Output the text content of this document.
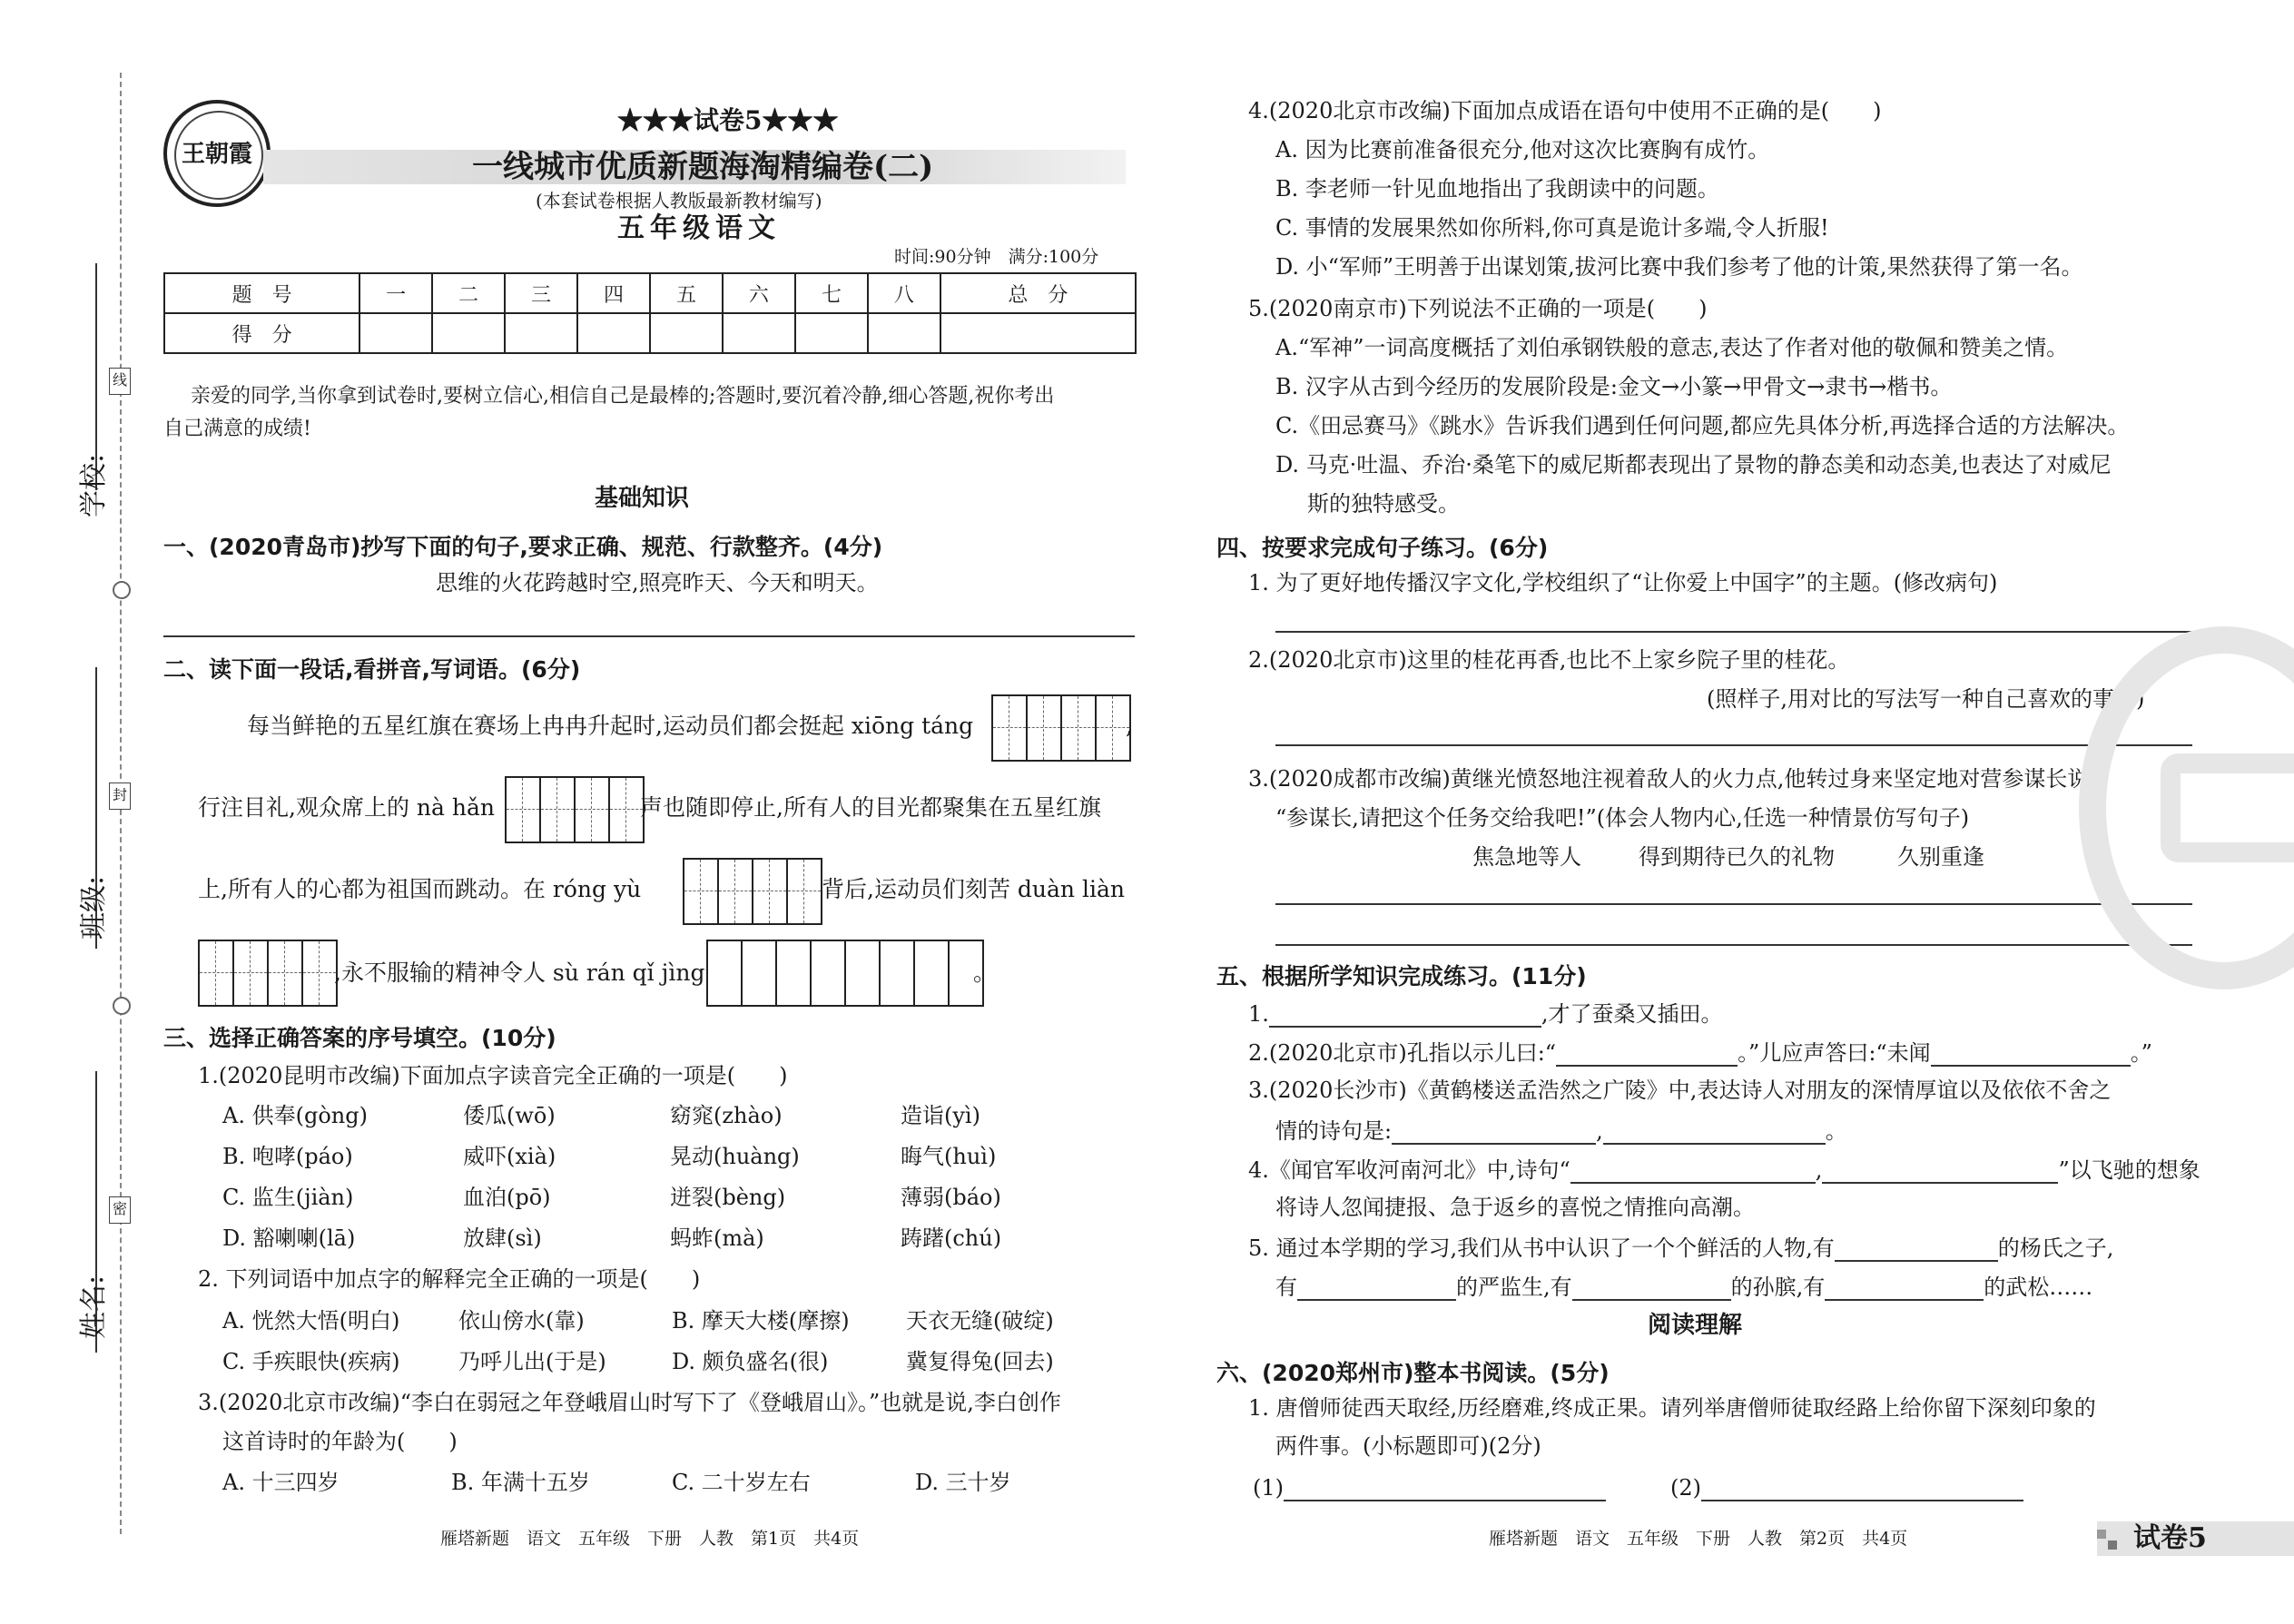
学校:
班级:
姓名:
线
封
密
王朝霞
★★★试卷5★★★
一线城市优质新题海淘精编卷(二)
(本套试卷根据人教版最新教材编写)
五年级语文
时间:90分钟　满分:100分
题　号	一	二	三	四	五	六	七	八	总　分
得　分									
亲爱的同学,当你拿到试卷时,要树立信心,相信自己是最棒的;答题时,要沉着冷静,细心答题,祝你考出
自己满意的成绩!
基础知识
一、(2020青岛市)抄写下面的句子,要求正确、规范、行款整齐。(4分)
思维的火花跨越时空,照亮昨天、今天和明天。
二、读下面一段话,看拼音,写词语。(6分)
每当鲜艳的五星红旗在赛场上冉冉升起时,运动员们都会挺起 xiōng táng	,
行注目礼,观众席上的 nà hǎn	声也随即停止,所有人的目光都聚集在五星红旗
上,所有人的心都为祖国而跳动。在 róng yù	背后,运动员们刻苦 duàn liàn
,永不服输的精神令人 sù rán qǐ jìng	。
三、选择正确答案的序号填空。(10分)
1.(2020昆明市改编)下面加点字读音完全正确的一项是(　　)
A. 供奉(gòng)	倭瓜(wō)	窈窕(zhào)	造诣(yì)
B. 咆哮(páo)	威吓(xià)	晃动(huàng)	晦气(huì)
C. 监生(jiàn)	血泊(pō)	迸裂(bèng)	薄弱(báo)
D. 豁喇喇(lā)	放肆(sì)	蚂蚱(mà)	踌躇(chú)
2. 下列词语中加点字的解释完全正确的一项是(　　)
A. 恍然大悟(明白)	依山傍水(靠)	B. 摩天大楼(摩擦)	天衣无缝(破绽)
C. 手疾眼快(疾病)	乃呼儿出(于是)	D. 颇负盛名(很)	冀复得兔(回去)
3.(2020北京市改编)“李白在弱冠之年登峨眉山时写下了《登峨眉山》。”也就是说,李白创作
这首诗时的年龄为(　　)
A. 十三四岁	B. 年满十五岁	C. 二十岁左右	D. 三十岁
雁塔新题　语文　五年级　下册　人教　第1页　共4页
4.(2020北京市改编)下面加点成语在语句中使用不正确的是(　　)
A. 因为比赛前准备很充分,他对这次比赛胸有成竹。
B. 李老师一针见血地指出了我朗读中的问题。
C. 事情的发展果然如你所料,你可真是诡计多端,令人折服!
D. 小“军师”王明善于出谋划策,拔河比赛中我们参考了他的计策,果然获得了第一名。
5.(2020南京市)下列说法不正确的一项是(　　)
A.“军神”一词高度概括了刘伯承钢铁般的意志,表达了作者对他的敬佩和赞美之情。
B. 汉字从古到今经历的发展阶段是:金文→小篆→甲骨文→隶书→楷书。
C.《田忌赛马》《跳水》告诉我们遇到任何问题,都应先具体分析,再选择合适的方法解决。
D. 马克·吐温、乔治·桑笔下的威尼斯都表现出了景物的静态美和动态美,也表达了对威尼
斯的独特感受。
四、按要求完成句子练习。(6分)
1. 为了更好地传播汉字文化,学校组织了“让你爱上中国字”的主题。(修改病句)
2.(2020北京市)这里的桂花再香,也比不上家乡院子里的桂花。
(照样子,用对比的写法写一种自己喜欢的事物)
3.(2020成都市改编)黄继光愤怒地注视着敌人的火力点,他转过身来坚定地对营参谋长说:
“参谋长,请把这个任务交给我吧!”(体会人物内心,任选一种情景仿写句子)
焦急地等人	得到期待已久的礼物	久别重逢
五、根据所学知识完成练习。(11分)
1.	,才了蚕桑又插田。
2.(2020北京市)孔指以示儿曰:“	。”儿应声答曰:“未闻	。”
3.(2020长沙市)《黄鹤楼送孟浩然之广陵》中,表达诗人对朋友的深情厚谊以及依依不舍之
情的诗句是:	,	。
4.《闻官军收河南河北》中,诗句“	,	”以飞驰的想象
将诗人忽闻捷报、急于返乡的喜悦之情推向高潮。
5. 通过本学期的学习,我们从书中认识了一个个鲜活的人物,有	的杨氏之子,
有	的严监生,有	的孙膑,有	的武松……
阅读理解
六、(2020郑州市)整本书阅读。(5分)
1. 唐僧师徒西天取经,历经磨难,终成正果。请列举唐僧师徒取经路上给你留下深刻印象的
两件事。(小标题即可)(2分)
(1)	(2)
雁塔新题　语文　五年级　下册　人教　第2页　共4页	试卷5
